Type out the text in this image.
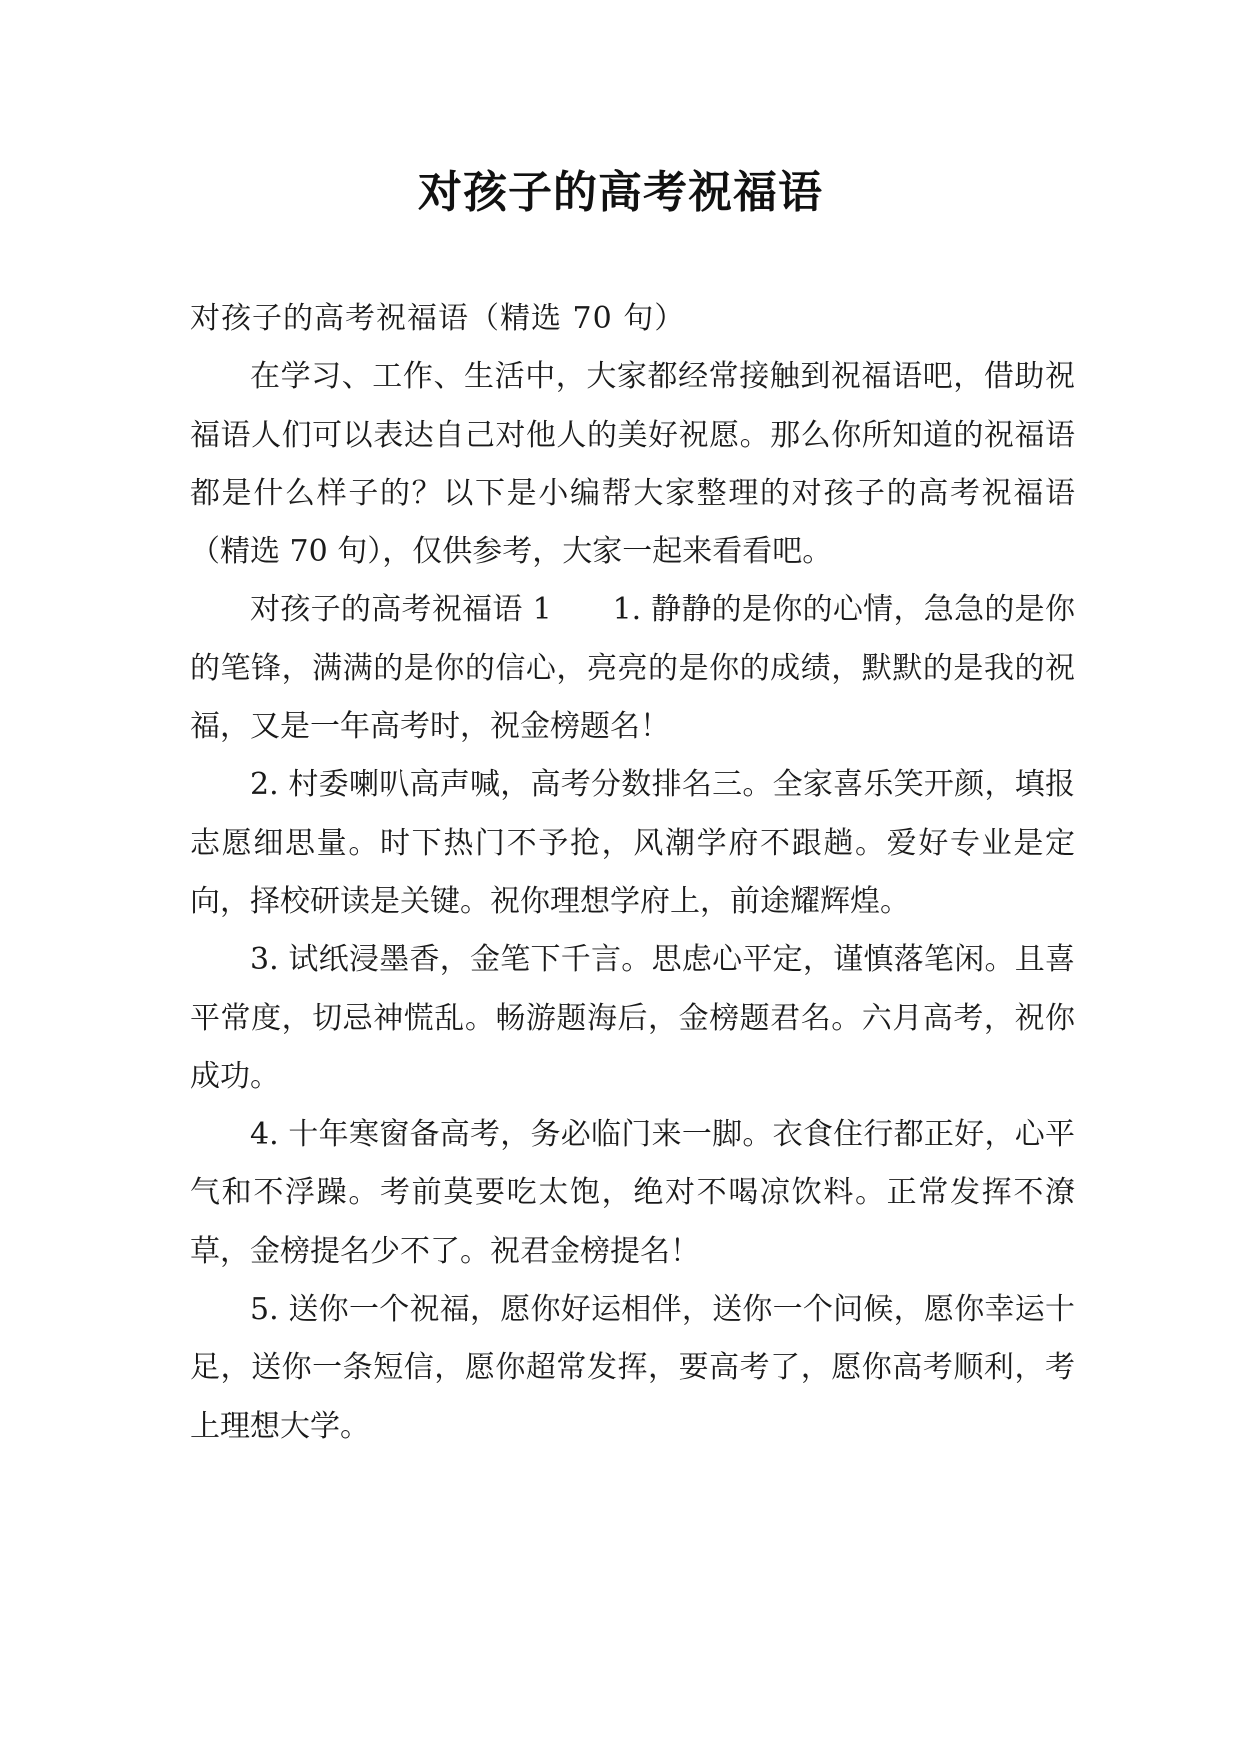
对孩子的高考祝福语

对孩子的高考祝福语（精选 70 句）

在学习、工作、生活中，大家都经常接触到祝福语吧，借助祝福语人们可以表达自己对他人的美好祝愿。那么你所知道的祝福语都是什么样子的？以下是小编帮大家整理的对孩子的高考祝福语（精选 70 句），仅供参考，大家一起来看看吧。

对孩子的高考祝福语 1　　1. 静静的是你的心情，急急的是你的笔锋，满满的是你的信心，亮亮的是你的成绩，默默的是我的祝福，又是一年高考时，祝金榜题名！

2. 村委喇叭高声喊，高考分数排名三。全家喜乐笑开颜，填报志愿细思量。时下热门不予抢，风潮学府不跟趟。爱好专业是定向，择校研读是关键。祝你理想学府上，前途耀辉煌。

3. 试纸浸墨香，金笔下千言。思虑心平定，谨慎落笔闲。且喜平常度，切忌神慌乱。畅游题海后，金榜题君名。六月高考，祝你成功。

4. 十年寒窗备高考，务必临门来一脚。衣食住行都正好，心平气和不浮躁。考前莫要吃太饱，绝对不喝凉饮料。正常发挥不潦草，金榜提名少不了。祝君金榜提名！

5. 送你一个祝福，愿你好运相伴，送你一个问候，愿你幸运十足，送你一条短信，愿你超常发挥，要高考了，愿你高考顺利，考上理想大学。
